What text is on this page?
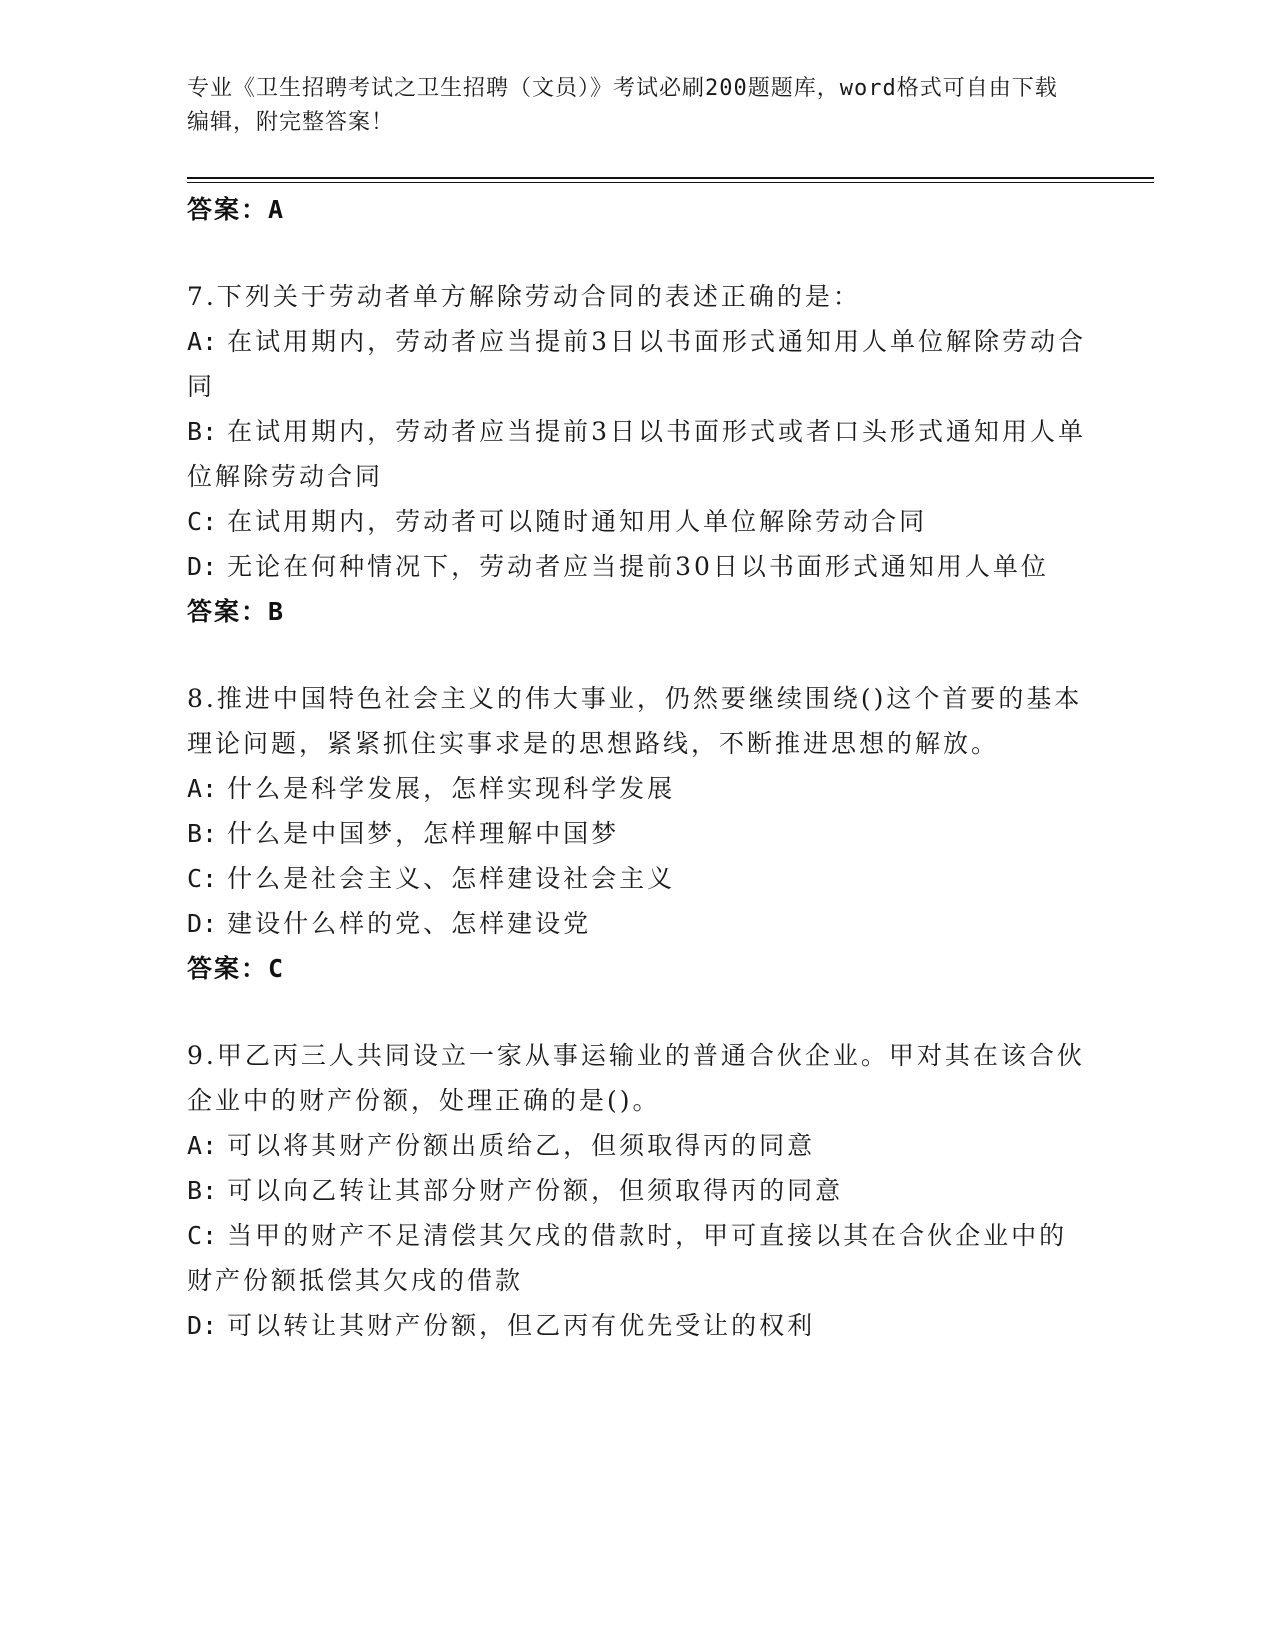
专业《卫生招聘考试之卫生招聘（文员）》考试必刷200题题库，word格式可自由下载编辑，附完整答案！

答案：A

7.下列关于劳动者单方解除劳动合同的表述正确的是：

A: 在试用期内，劳动者应当提前3日以书面形式通知用人单位解除劳动合同

B: 在试用期内，劳动者应当提前3日以书面形式或者口头形式通知用人单位解除劳动合同

C: 在试用期内，劳动者可以随时通知用人单位解除劳动合同

D: 无论在何种情况下，劳动者应当提前30日以书面形式通知用人单位

答案：B

8.推进中国特色社会主义的伟大事业，仍然要继续围绕()这个首要的基本理论问题，紧紧抓住实事求是的思想路线，不断推进思想的解放。

A: 什么是科学发展，怎样实现科学发展

B: 什么是中国梦，怎样理解中国梦

C: 什么是社会主义、怎样建设社会主义

D: 建设什么样的党、怎样建设党

答案：C

9.甲乙丙三人共同设立一家从事运输业的普通合伙企业。甲对其在该合伙企业中的财产份额，处理正确的是()。

A: 可以将其财产份额出质给乙，但须取得丙的同意

B: 可以向乙转让其部分财产份额，但须取得丙的同意

C: 当甲的财产不足清偿其欠戌的借款时，甲可直接以其在合伙企业中的财产份额抵偿其欠戌的借款

D: 可以转让其财产份额，但乙丙有优先受让的权利
